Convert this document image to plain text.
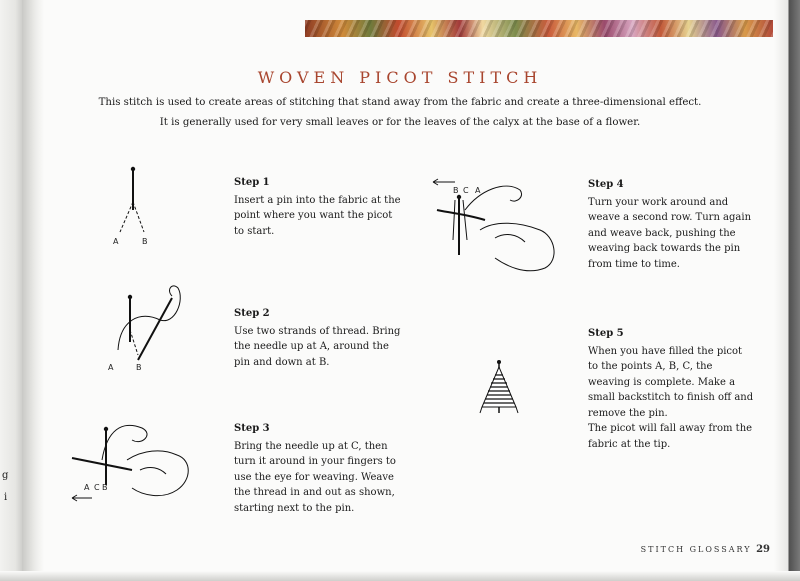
WOVEN PICOT STITCH
This stitch is used to create areas of stitching that stand away from the fabric and create a three-dimensional effect.
It is generally used for very small leaves or for the leaves of the calyx at the base of a flower.
g
i
A	B
A	B
A C B
B C A
Step 1
Insert a pin into the fabric at the
point where you want the picot
to start.
Step 2
Use two strands of thread. Bring
the needle up at A, around the
pin and down at B.
Step 3
Bring the needle up at C, then
turn it around in your fingers to
use the eye for weaving. Weave
the thread in and out as shown,
starting next to the pin.
Step 4
Turn your work around and
weave a second row. Turn again
and weave back, pushing the
weaving back towards the pin
from time to time.
Step 5
When you have filled the picot
to the points A, B, C, the
weaving is complete. Make a
small backstitch to finish off and
remove the pin.
The picot will fall away from the
fabric at the tip.
STITCH GLOSSARY 29
